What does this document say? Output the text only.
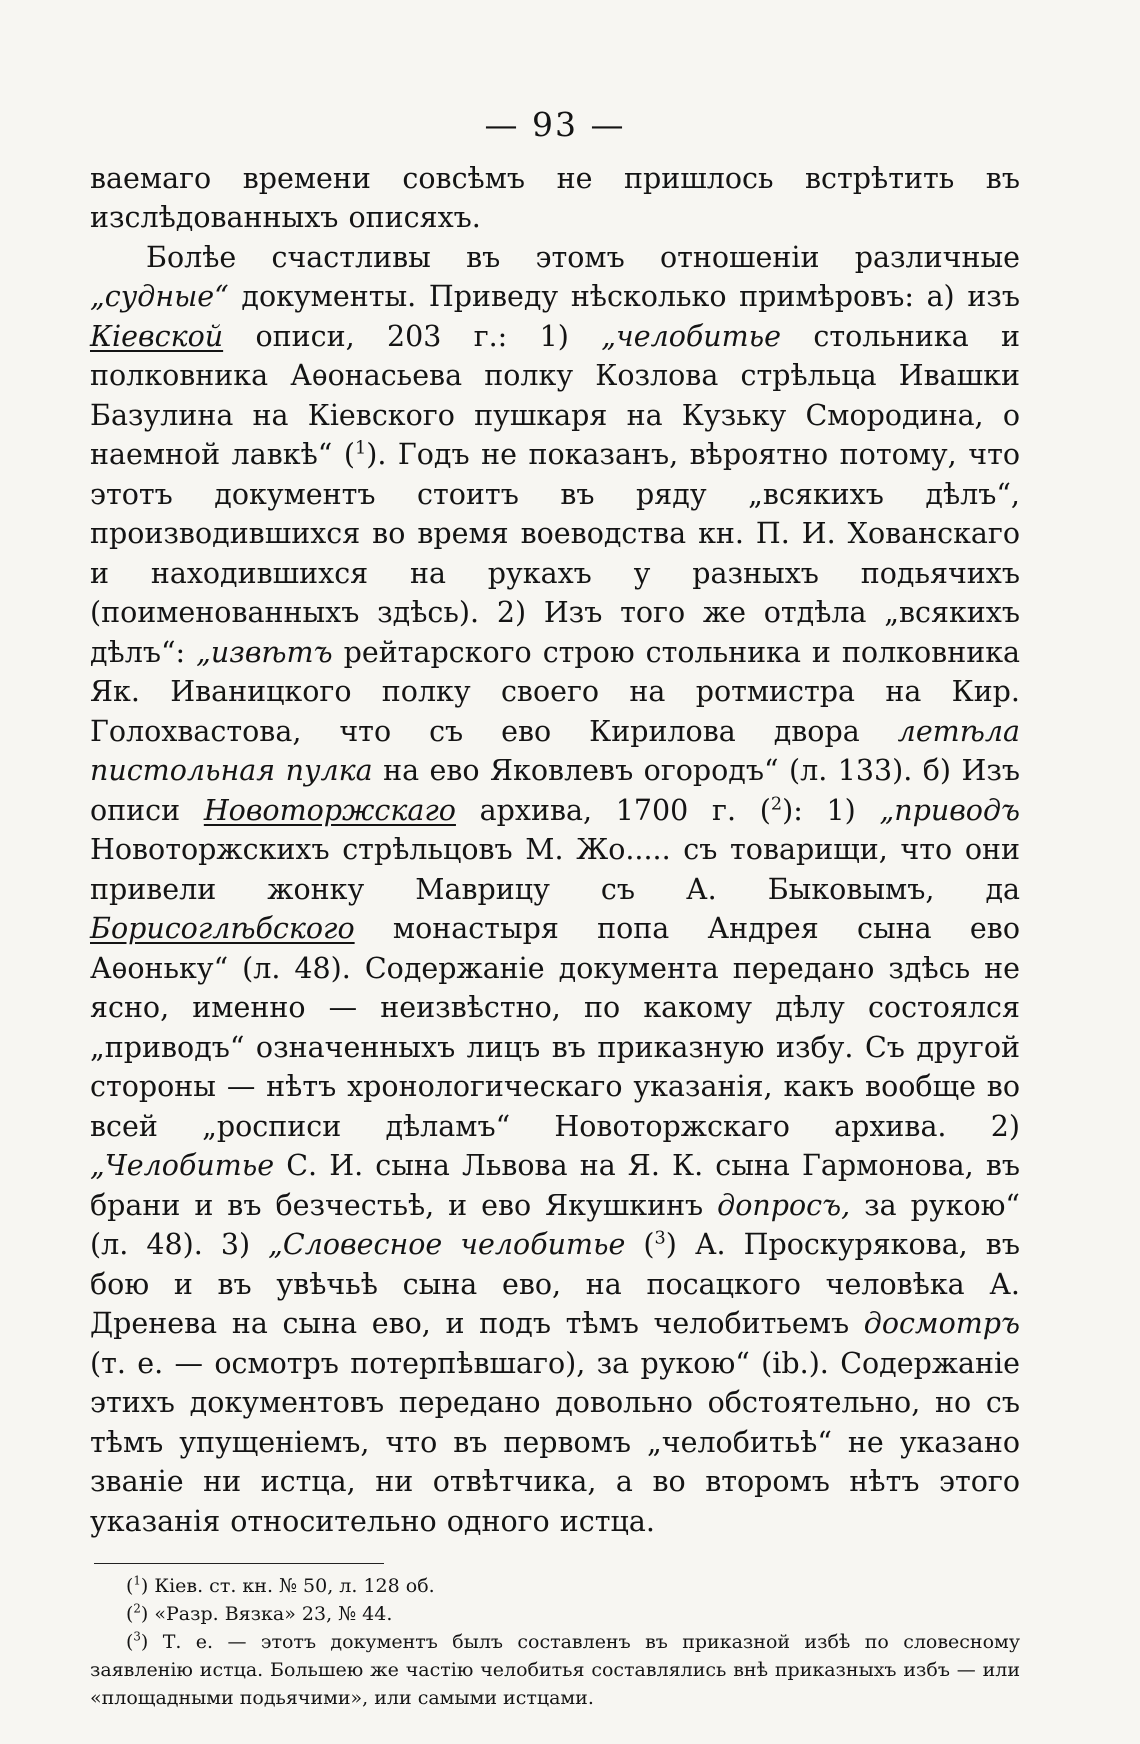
— 93 —

ваемаго времени совсѣмъ не пришлось встрѣтить въ изслѣдованныхъ описяхъ.

Болѣе счастливы въ этомъ отношеніи различные „судные“ документы. Приведу нѣсколько примѣровъ: а) изъ Кіевской описи, 203 г.: 1) „челобитье стольника и полковника Аѳонасьева полку Козлова стрѣльца Ивашки Базулина на Кіевского пушкаря на Кузьку Смородина, о наемной лавкѣ“ ($^1$). Годъ не показанъ, вѣроятно потому, что этотъ документъ стоитъ въ ряду „всякихъ дѣлъ“, производившихся во время воеводства кн. П. И. Хованскаго и находившихся на рукахъ у разныхъ подьячихъ (поименованныхъ здѣсь). 2) Изъ того же отдѣла „всякихъ дѣлъ“: „извѣтъ рейтарского строю стольника и полковника Як. Иваницкого полку своего на ротмистра на Кир. Голохвастова, что съ ево Кирилова двора летѣла пистольная пулка на ево Яковлевъ огородъ“ (л. 133). б) Изъ описи Новоторжскаго архива, 1700 г. ($^2$): 1) „приводъ Новоторжскихъ стрѣльцовъ М. Жо..... съ товарищи, что они привели жонку Маврицу съ А. Быковымъ, да Борисоглѣбского монастыря попа Андрея сына ево Аѳоньку“ (л. 48). Содержаніе документа передано здѣсь не ясно, именно — неизвѣстно, по какому дѣлу состоялся „приводъ“ означенныхъ лицъ въ приказную избу. Съ другой стороны — нѣтъ хронологическаго указанія, какъ вообще во всей „росписи дѣламъ“ Новоторжскаго архива. 2) „Челобитье С. И. сына Львова на Я. К. сына Гармонова, въ брани и въ безчестьѣ, и ево Якушкинъ допросъ, за рукою“ (л. 48). 3) „Словесное челобитье ($^3$) А. Проскурякова, въ бою и въ увѣчьѣ сына ево, на посацкого человѣка А. Дренева на сына ево, и подъ тѣмъ челобитьемъ досмотръ (т. е. — осмотръ потерпѣвшаго), за рукою“ (ib.). Содержаніе этихъ документовъ передано довольно обстоятельно, но съ тѣмъ упущеніемъ, что въ первомъ „челобитьѣ“ не указано званіе ни истца, ни отвѣтчика, а во второмъ нѣтъ этого указанія относительно одного истца.

($^1$) Кіев. ст. кн. № 50, л. 128 об.

($^2$) «Разр. Вязка» 23, № 44.

($^3$) Т. е. — этотъ документъ былъ составленъ въ приказной избѣ по словесному заявленію истца. Большею же частію челобитья составлялись внѣ приказныхъ избъ — или «площадными подьячими», или самыми истцами.
